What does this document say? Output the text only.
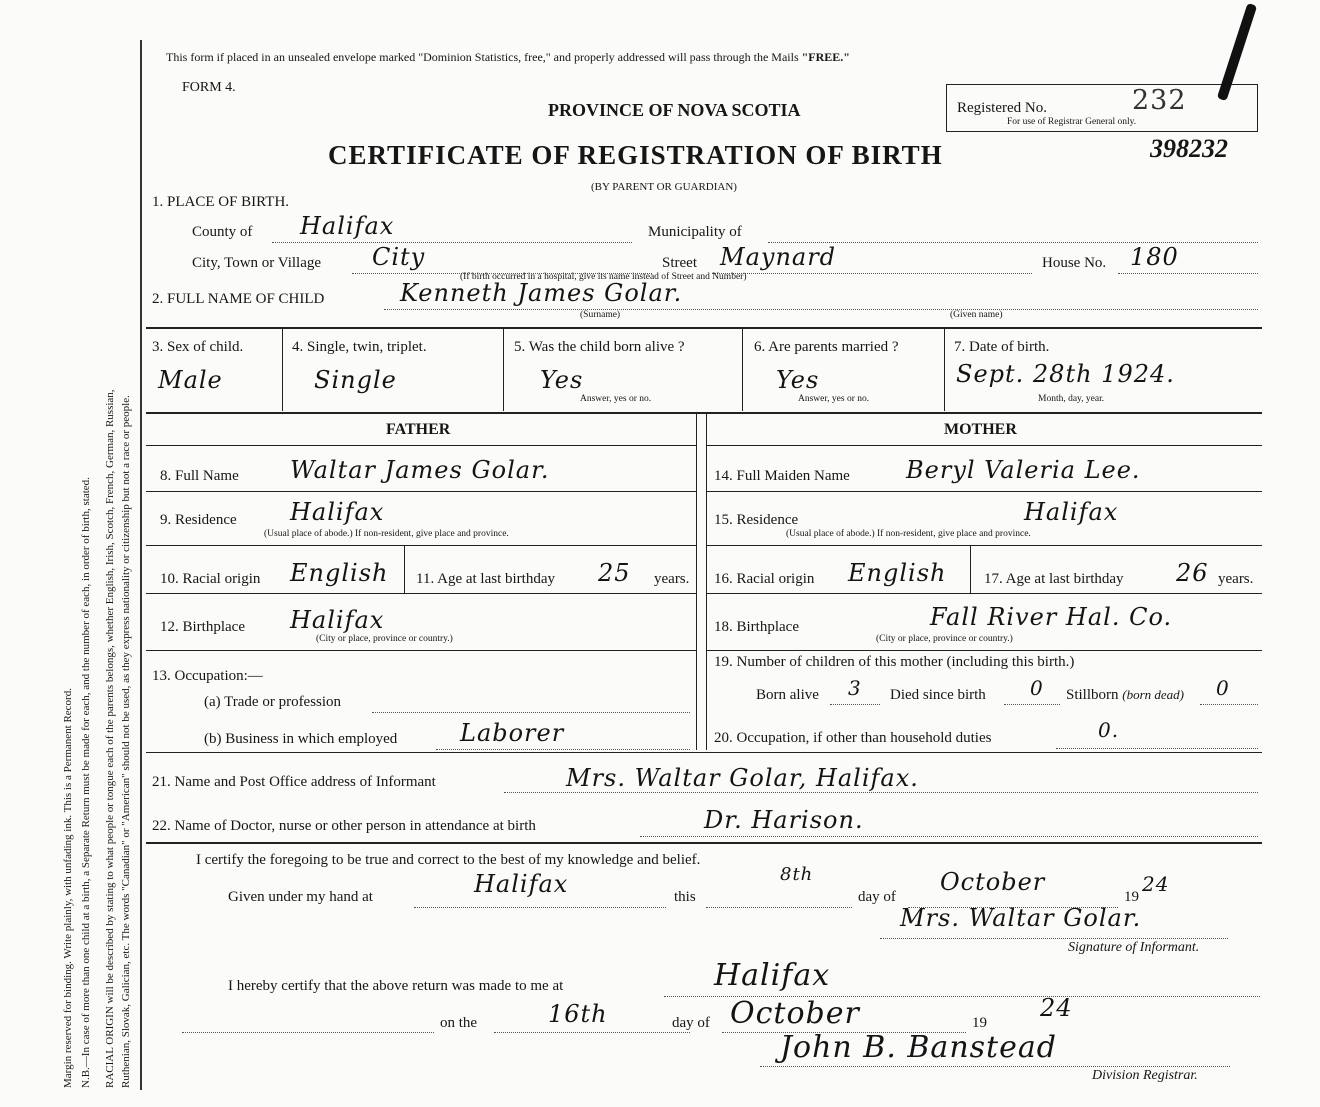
Margin reserved for binding. Write plainly, with unfading ink. This is a Permanent Record. N.B.—In case of more than one child at a birth, a Separate Return must be made for each, and the number of each, in order of birth, stated. RACIAL ORIGIN will be described by stating to what people or tongue each of the parents belongs, whether English, Irish, Scotch, French, German, Russian, Ruthenian, Slovak, Galician, etc. The words "Canadian" or "American" should not be used, as they express nationality or citizenship but not a race or people.
This form if placed in an unsealed envelope marked "Dominion Statistics, free," and properly addressed will pass through the Mails "FREE."
FORM 4.
PROVINCE OF NOVA SCOTIA
CERTIFICATE OF REGISTRATION OF BIRTH
(BY PARENT OR GUARDIAN)
Registered No.	232
For use of Registrar General only.
398232
1. PLACE OF BIRTH.
County of Halifax	Municipality of
City, Town or Village City	Street Maynard	House No. 180
(If birth occurred in a hospital, give its name instead of Street and Number)
2. FULL NAME OF CHILD	Kenneth James Golar.
(Surname)	(Given name)
3. Sex of child.
Male
4. Single, twin, triplet.
Single
5. Was the child born alive ?
Yes
Answer, yes or no.
6. Are parents married ?
Yes
Answer, yes or no.
7. Date of birth.
Sept. 28th 1924.
Month, day, year.
FATHER	MOTHER
8. Full Name Waltar James Golar.
9. Residence Halifax
(Usual place of abode.) If non-resident, give place and province.
10. Racial origin English 11. Age at last birthday 25 years.
12. Birthplace Halifax
(City or place, province or country.)
13. Occupation:—
(a) Trade or profession
(b) Business in which employed	Laborer
14. Full Maiden Name Beryl Valeria Lee.
15. Residence	Halifax
(Usual place of abode.) If non-resident, give place and province.
16. Racial origin English	17. Age at last birthday 26 years.
18. Birthplace	Fall River Hal. Co.
(City or place, province or country.)
19. Number of children of this mother (including this birth.)
Born alive 3 Died since birth 0 Stillborn (born dead) 0
20. Occupation, if other than household duties	0.
21. Name and Post Office address of Informant	Mrs. Waltar Golar, Halifax.
22. Name of Doctor, nurse or other person in attendance at birth	Dr. Harison.
I certify the foregoing to be true and correct to the best of my knowledge and belief.
Given under my hand at	Halifax	this
8th
day of
October
19
24
Mrs. Waltar Golar.
Signature of Informant.
I hereby certify that the above return was made to me at	Halifax
on the	16th	day of October	19
24
John B. Banstead
Division Registrar.
